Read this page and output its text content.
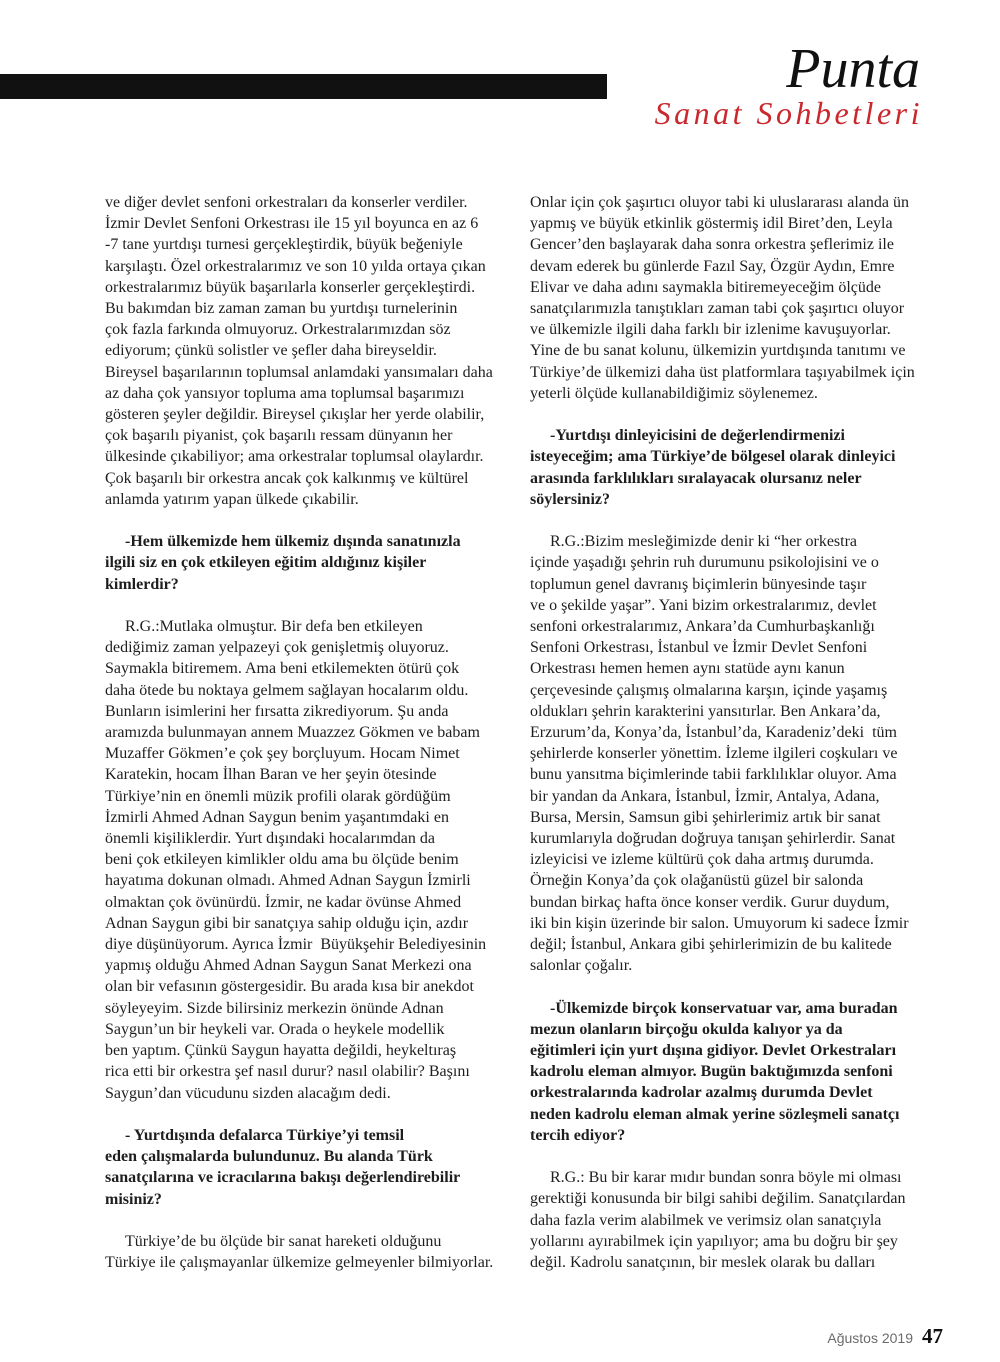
Punta
Sanat Sohbetleri

ve diğer devlet senfoni orkestraları da konserler verdiler.
İzmir Devlet Senfoni Orkestrası ile 15 yıl boyunca en az 6
-7 tane yurtdışı turnesi gerçekleştirdik, büyük beğeniyle
karşılaştı. Özel orkestralarımız ve son 10 yılda ortaya çıkan
orkestralarımız büyük başarılarla konserler gerçekleştirdi.
Bu bakımdan biz zaman zaman bu yurtdışı turnelerinin
çok fazla farkında olmuyoruz. Orkestralarımızdan söz
ediyorum; çünkü solistler ve şefler daha bireyseldir.
Bireysel başarılarının toplumsal anlamdaki yansımaları daha
az daha çok yansıyor topluma ama toplumsal başarımızı
gösteren şeyler değildir. Bireysel çıkışlar her yerde olabilir,
çok başarılı piyanist, çok başarılı ressam dünyanın her
ülkesinde çıkabiliyor; ama orkestralar toplumsal olaylardır.
Çok başarılı bir orkestra ancak çok kalkınmış ve kültürel
anlamda yatırım yapan ülkede çıkabilir.

-Hem ülkemizde hem ülkemiz dışında sanatınızla
ilgili siz en çok etkileyen eğitim aldığınız kişiler
kimlerdir?

R.G.:Mutlaka olmuştur. Bir defa ben etkileyen
dediğimiz zaman yelpazeyi çok genişletmiş oluyoruz.
Saymakla bitiremem. Ama beni etkilemekten ötürü çok
daha ötede bu noktaya gelmem sağlayan hocalarım oldu.
Bunların isimlerini her fırsatta zikrediyorum. Şu anda
aramızda bulunmayan annem Muazzez Gökmen ve babam
Muzaffer Gökmen’e çok şey borçluyum. Hocam Nimet
Karatekin, hocam İlhan Baran ve her şeyin ötesinde
Türkiye’nin en önemli müzik profili olarak gördüğüm
İzmirli Ahmed Adnan Saygun benim yaşantımdaki en
önemli kişiliklerdir. Yurt dışındaki hocalarımdan da
beni çok etkileyen kimlikler oldu ama bu ölçüde benim
hayatıma dokunan olmadı. Ahmed Adnan Saygun İzmirli
olmaktan çok övünürdü. İzmir, ne kadar övünse Ahmed
Adnan Saygun gibi bir sanatçıya sahip olduğu için, azdır
diye düşünüyorum. Ayrıca İzmir  Büyükşehir Belediyesinin
yapmış olduğu Ahmed Adnan Saygun Sanat Merkezi ona
olan bir vefasının göstergesidir. Bu arada kısa bir anekdot
söyleyeyim. Sizde bilirsiniz merkezin önünde Adnan
Saygun’un bir heykeli var. Orada o heykele modellik
ben yaptım. Çünkü Saygun hayatta değildi, heykeltıraş
rica etti bir orkestra şef nasıl durur? nasıl olabilir? Başını
Saygun’dan vücudunu sizden alacağım dedi.

- Yurtdışında defalarca Türkiye’yi temsil
eden çalışmalarda bulundunuz. Bu alanda Türk
sanatçılarına ve icracılarına bakışı değerlendirebilir
misiniz?

Türkiye’de bu ölçüde bir sanat hareketi olduğunu
Türkiye ile çalışmayanlar ülkemize gelmeyenler bilmiyorlar.

Onlar için çok şaşırtıcı oluyor tabi ki uluslararası alanda ün
yapmış ve büyük etkinlik göstermiş idil Biret’den, Leyla
Gencer’den başlayarak daha sonra orkestra şeflerimiz ile
devam ederek bu günlerde Fazıl Say, Özgür Aydın, Emre
Elivar ve daha adını saymakla bitiremeyeceğim ölçüde
sanatçılarımızla tanıştıkları zaman tabi çok şaşırtıcı oluyor
ve ülkemizle ilgili daha farklı bir izlenime kavuşuyorlar.
Yine de bu sanat kolunu, ülkemizin yurtdışında tanıtımı ve
Türkiye’de ülkemizi daha üst platformlara taşıyabilmek için
yeterli ölçüde kullanabildiğimiz söylenemez.

-Yurtdışı dinleyicisini de değerlendirmenizi
isteyeceğim; ama Türkiye’de bölgesel olarak dinleyici
arasında farklılıkları sıralayacak olursanız neler
söylersiniz?

R.G.:Bizim mesleğimizde denir ki “her orkestra
içinde yaşadığı şehrin ruh durumunu psikolojisini ve o
toplumun genel davranış biçimlerin bünyesinde taşır
ve o şekilde yaşar”. Yani bizim orkestralarımız, devlet
senfoni orkestralarımız, Ankara’da Cumhurbaşkanlığı
Senfoni Orkestrası, İstanbul ve İzmir Devlet Senfoni
Orkestrası hemen hemen aynı statüde aynı kanun
çerçevesinde çalışmış olmalarına karşın, içinde yaşamış
oldukları şehrin karakterini yansıtırlar. Ben Ankara’da,
Erzurum’da, Konya’da, İstanbul’da, Karadeniz’deki  tüm
şehirlerde konserler yönettim. İzleme ilgileri coşkuları ve
bunu yansıtma biçimlerinde tabii farklılıklar oluyor. Ama
bir yandan da Ankara, İstanbul, İzmir, Antalya, Adana,
Bursa, Mersin, Samsun gibi şehirlerimiz artık bir sanat
kurumlarıyla doğrudan doğruya tanışan şehirlerdir. Sanat
izleyicisi ve izleme kültürü çok daha artmış durumda.
Örneğin Konya’da çok olağanüstü güzel bir salonda
bundan birkaç hafta önce konser verdik. Gurur duydum,
iki bin kişin üzerinde bir salon. Umuyorum ki sadece İzmir
değil; İstanbul, Ankara gibi şehirlerimizin de bu kalitede
salonlar çoğalır.

-Ülkemizde birçok konservatuar var, ama buradan
mezun olanların birçoğu okulda kalıyor ya da
eğitimleri için yurt dışına gidiyor. Devlet Orkestraları
kadrolu eleman almıyor. Bugün baktığımızda senfoni
orkestralarında kadrolar azalmış durumda Devlet
neden kadrolu eleman almak yerine sözleşmeli sanatçı
tercih ediyor?

R.G.: Bu bir karar mıdır bundan sonra böyle mi olması
gerektiği konusunda bir bilgi sahibi değilim. Sanatçılardan
daha fazla verim alabilmek ve verimsiz olan sanatçıyla
yollarını ayırabilmek için yapılıyor; ama bu doğru bir şey
değil. Kadrolu sanatçının, bir meslek olarak bu dalları

Ağustos 2019 47
